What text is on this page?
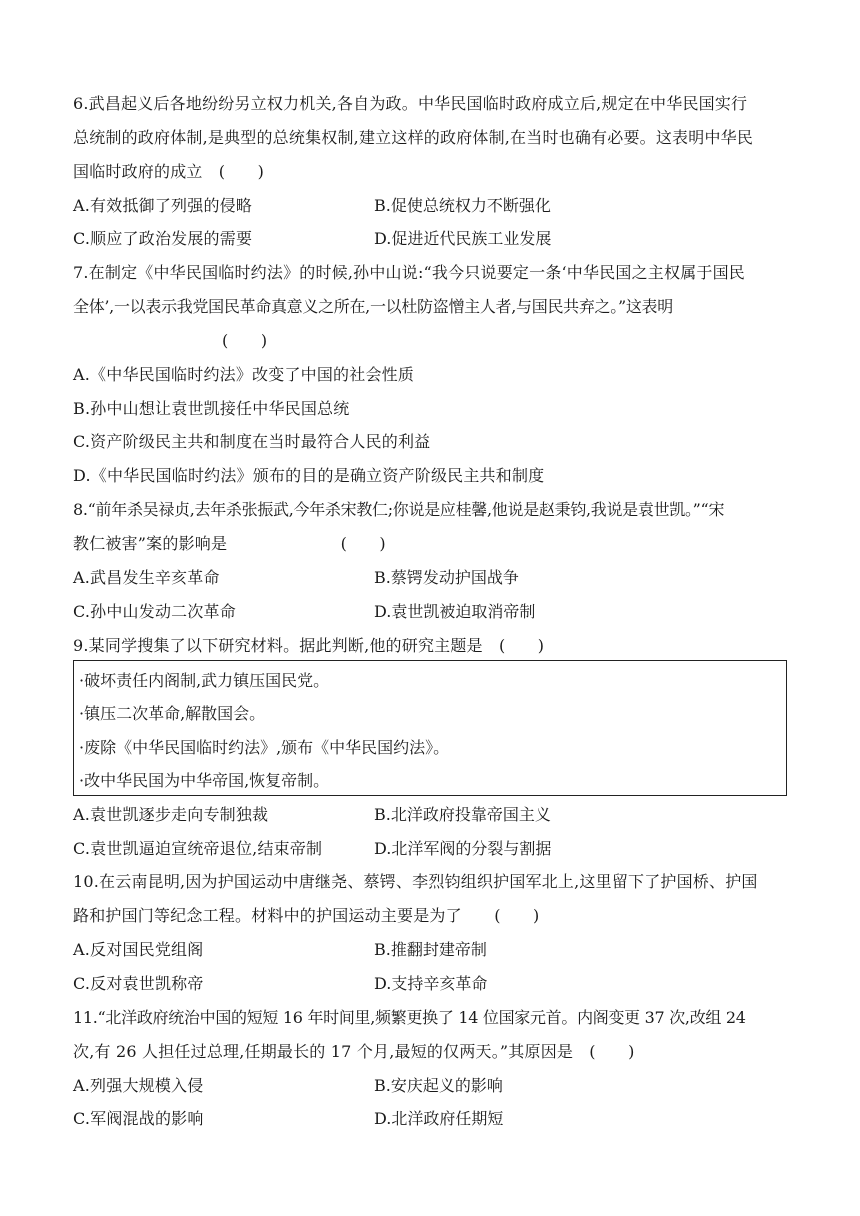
6.武昌起义后各地纷纷另立权力机关,各自为政。中华民国临时政府成立后,规定在中华民国实行
总统制的政府体制,是典型的总统集权制,建立这样的政府体制,在当时也确有必要。这表明中华民
国临时政府的成立　(　　)
A.有效抵御了列强的侵略	B.促使总统权力不断强化
C.顺应了政治发展的需要	D.促进近代民族工业发展
7.在制定《中华民国临时约法》的时候,孙中山说:“我今只说要定一条‘中华民国之主权属于国民
全体’,一以表示我党国民革命真意义之所在,一以杜防盗憎主人者,与国民共弃之。”这表明
(　　)
A.《中华民国临时约法》改变了中国的社会性质
B.孙中山想让袁世凯接任中华民国总统
C.资产阶级民主共和制度在当时最符合人民的利益
D.《中华民国临时约法》颁布的目的是确立资产阶级民主共和制度
8.“前年杀吴禄贞,去年杀张振武,今年杀宋教仁;你说是应桂馨,他说是赵秉钧,我说是袁世凯。”“宋
教仁被害”案的影响是　　　　　　　(　　)
A.武昌发生辛亥革命	B.蔡锷发动护国战争
C.孙中山发动二次革命	D.袁世凯被迫取消帝制
9.某同学搜集了以下研究材料。据此判断,他的研究主题是　(　　)
·破坏责任内阁制,武力镇压国民党。
·镇压二次革命,解散国会。
·废除《中华民国临时约法》,颁布《中华民国约法》。
·改中华民国为中华帝国,恢复帝制。
A.袁世凯逐步走向专制独裁	B.北洋政府投靠帝国主义
C.袁世凯逼迫宣统帝退位,结束帝制	D.北洋军阀的分裂与割据
10.在云南昆明,因为护国运动中唐继尧、蔡锷、李烈钧组织护国军北上,这里留下了护国桥、护国
路和护国门等纪念工程。材料中的护国运动主要是为了　　(　　)
A.反对国民党组阁	B.推翻封建帝制
C.反对袁世凯称帝	D.支持辛亥革命
11.“北洋政府统治中国的短短 16 年时间里,频繁更换了 14 位国家元首。内阁变更 37 次,改组 24
次,有 26 人担任过总理,任期最长的 17 个月,最短的仅两天。”其原因是　(　　)
A.列强大规模入侵	B.安庆起义的影响
C.军阀混战的影响	D.北洋政府任期短
